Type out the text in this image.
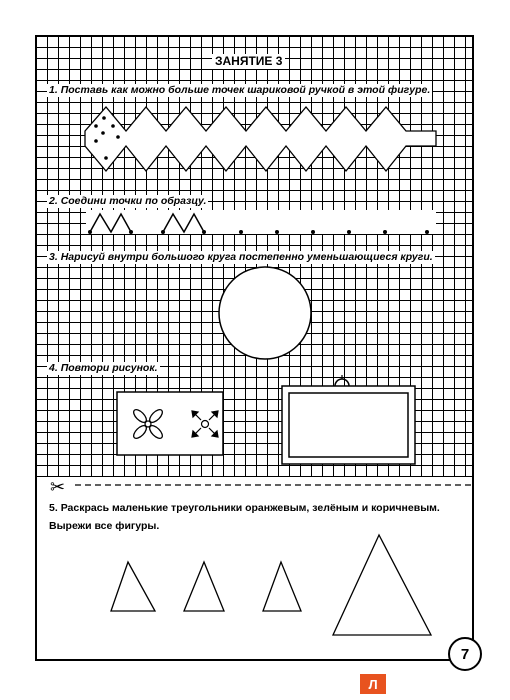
ЗАНЯТИЕ 3
1. Поставь как можно больше точек шариковой ручкой в этой фигуре.
2. Соедини точки по образцу.
3. Нарисуй внутри большого круга постепенно уменьшающиеся круги.
4. Повтори рисунок.
5. Раскрась маленькие треугольники оранжевым, зелёным и коричневым.
Вырежи все фигуры.
✂
7
Л
